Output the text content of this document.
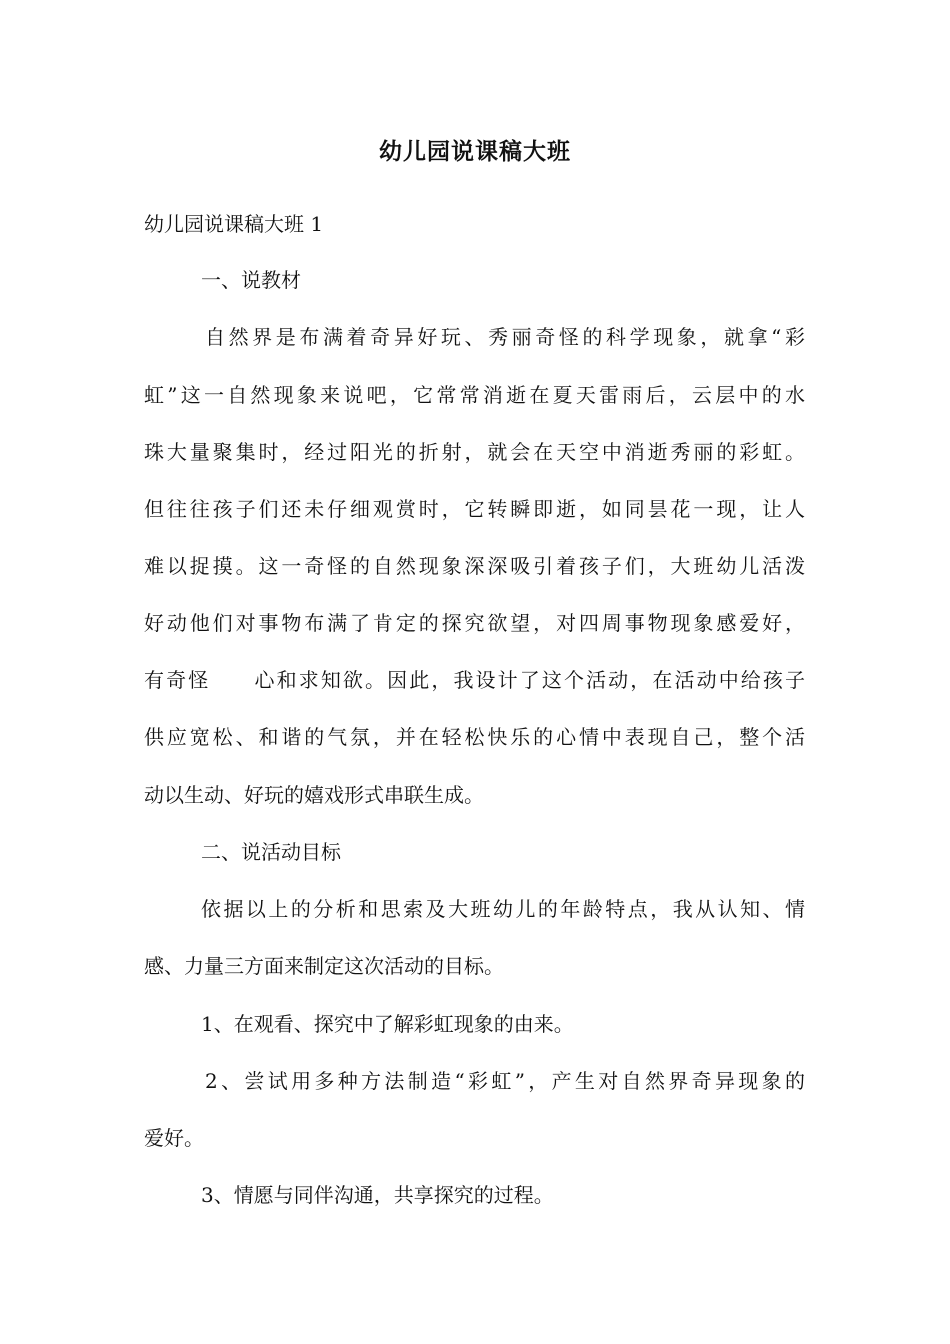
幼儿园说课稿大班
幼儿园说课稿大班 1
一、说教材
自然界是布满着奇异好玩、秀丽奇怪的科学现象，就拿“彩
虹”这一自然现象来说吧，它常常消逝在夏天雷雨后，云层中的水
珠大量聚集时，经过阳光的折射，就会在天空中消逝秀丽的彩虹。
但往往孩子们还未仔细观赏时，它转瞬即逝，如同昙花一现，让人
难以捉摸。这一奇怪的自然现象深深吸引着孩子们，大班幼儿活泼
好动他们对事物布满了肯定的探究欲望，对四周事物现象感爱好，
有奇怪　　心和求知欲。因此，我设计了这个活动，在活动中给孩子
供应宽松、和谐的气氛，并在轻松快乐的心情中表现自己，整个活
动以生动、好玩的嬉戏形式串联生成。
二、说活动目标
依据以上的分析和思索及大班幼儿的年龄特点，我从认知、情
感、力量三方面来制定这次活动的目标。
1、在观看、探究中了解彩虹现象的由来。
2、尝试用多种方法制造“彩虹”，产生对自然界奇异现象的
爱好。
3、情愿与同伴沟通，共享探究的过程。
